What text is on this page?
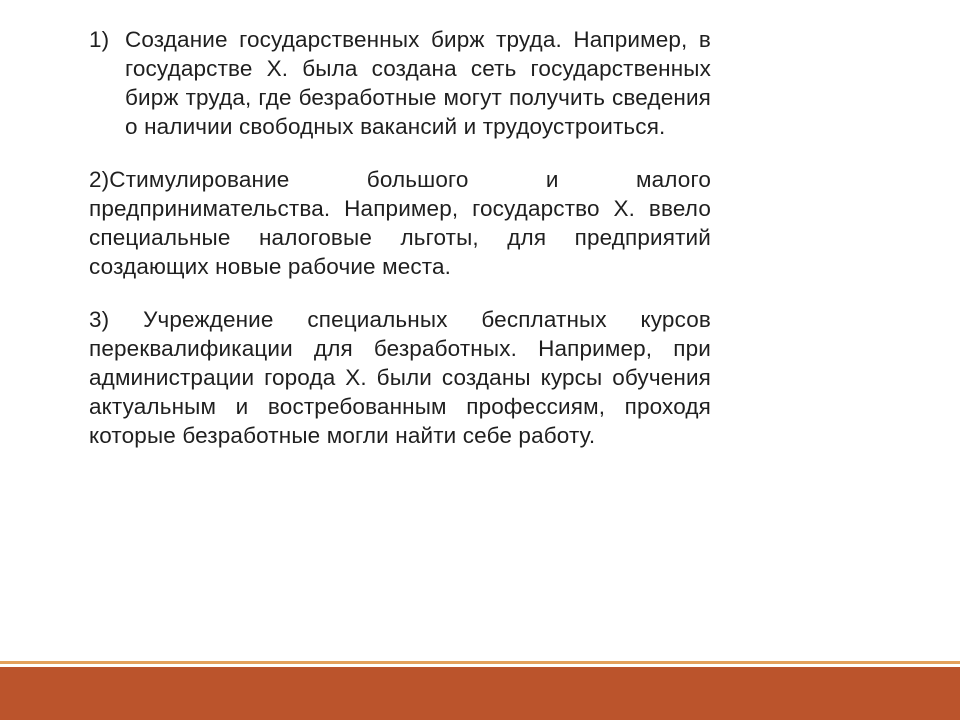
1) Создание государственных бирж труда. Например, в государстве Х. была создана сеть государственных бирж труда, где безработные могут получить сведения о наличии свободных вакансий и трудоустроиться.

2)Стимулирование большого и малого предпринимательства. Например, государство Х. ввело специальные налоговые льготы, для предприятий создающих новые рабочие места.

3) Учреждение специальных бесплатных курсов переквалификации для безработных. Например, при администрации города Х. были созданы курсы обучения актуальным и востребованным профессиям, проходя которые безработные могли найти себе работу.
